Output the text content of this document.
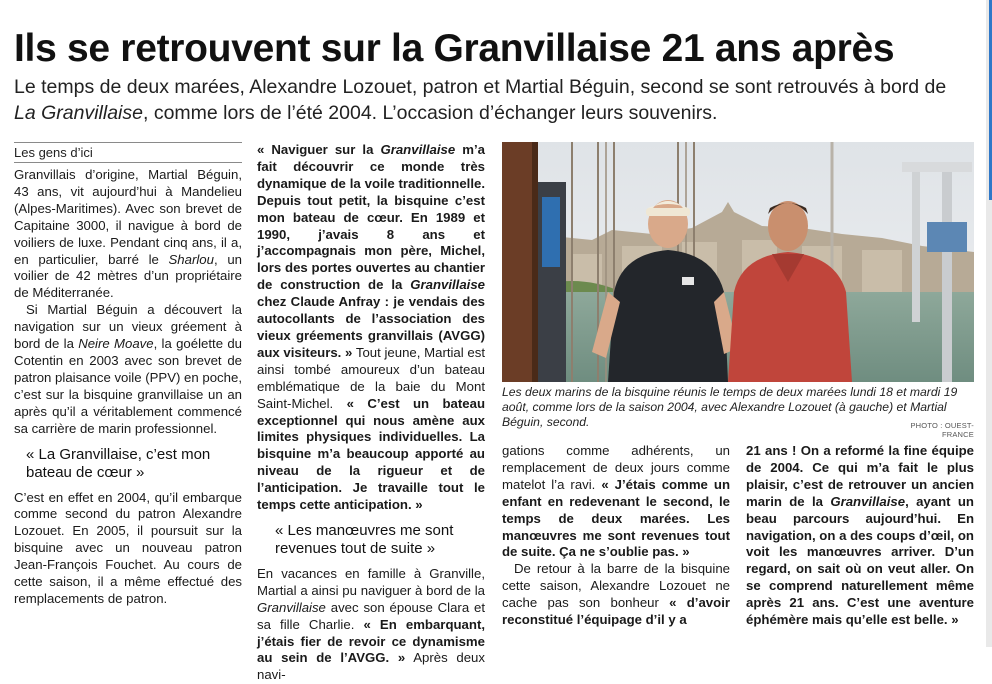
Ils se retrouvent sur la Granvillaise 21 ans après

Le temps de deux marées, Alexandre Lozouet, patron et Martial Béguin, second se sont retrouvés à bord de La Granvillaise, comme lors de l’été 2004. L’occasion d’échanger leurs souvenirs.

Les gens d’ici

Granvillais d’origine, Martial Béguin, 43 ans, vit aujourd’hui à Mandelieu (Alpes-Maritimes). Avec son brevet de Capitaine 3000, il navigue à bord de voiliers de luxe. Pendant cinq ans, il a, en particulier, barré le Sharlou, un voilier de 42 mètres d’un propriétaire de Méditerranée.

Si Martial Béguin a découvert la navigation sur un vieux gréement à bord de la Neire Moave, la goélette du Cotentin en 2003 avec son brevet de patron plaisance voile (PPV) en poche, c’est sur la bisquine granvillaise un an après qu’il a véritablement commencé sa carrière de marin professionnel.

« La Granvillaise, c’est mon bateau de cœur »

C’est en effet en 2004, qu’il embarque comme second du patron Alexandre Lozouet. En 2005, il poursuit sur la bisquine avec un nouveau patron Jean-François Fouchet. Au cours de cette saison, il a même effectué des remplacements de patron.

« Naviguer sur la Granvillaise m’a fait découvrir ce monde très dynamique de la voile traditionnelle. Depuis tout petit, la bisquine c’est mon bateau de cœur. En 1989 et 1990, j’avais 8 ans et j’accompagnais mon père, Michel, lors des portes ouvertes au chantier de construction de la Granvillaise chez Claude Anfray : je vendais des autocollants de l’association des vieux gréements granvillais (AVGG) aux visiteurs. » Tout jeune, Martial est ainsi tombé amoureux d’un bateau emblématique de la baie du Mont Saint-Michel. « C’est un bateau exceptionnel qui nous amène aux limites physiques individuelles. La bisquine m’a beaucoup apporté au niveau de la rigueur et de l’anticipation. Je travaille tout le temps cette anticipation. »

« Les manœuvres me sont revenues tout de suite »

En vacances en famille à Granville, Martial a ainsi pu naviguer à bord de la Granvillaise avec son épouse Clara et sa fille Charlie. « En embarquant, j’étais fier de revoir ce dynamisme au sein de l’AVGG. » Après deux navi-

Les deux marins de la bisquine réunis le temps de deux marées lundi 18 et mardi 19 août, comme lors de la saison 2004, avec Alexandre Lozouet (à gauche) et Martial Béguin, second.	PHOTO : OUEST-FRANCE

gations comme adhérents, un remplacement de deux jours comme matelot l’a ravi. « J’étais comme un enfant en redevenant le second, le temps de deux marées. Les manœuvres me sont revenues tout de suite. Ça ne s’oublie pas. »

De retour à la barre de la bisquine cette saison, Alexandre Lozouet ne cache pas son bonheur « d’avoir reconstitué l’équipage d’il y a

21 ans ! On a reformé la fine équipe de 2004. Ce qui m’a fait le plus plaisir, c’est de retrouver un ancien marin de la Granvillaise, ayant un beau parcours aujourd’hui. En navigation, on a des coups d’œil, on voit les manœuvres arriver. D’un regard, on sait où on veut aller. On se comprend naturellement même après 21 ans. C’est une aventure éphémère mais qu’elle est belle. »
